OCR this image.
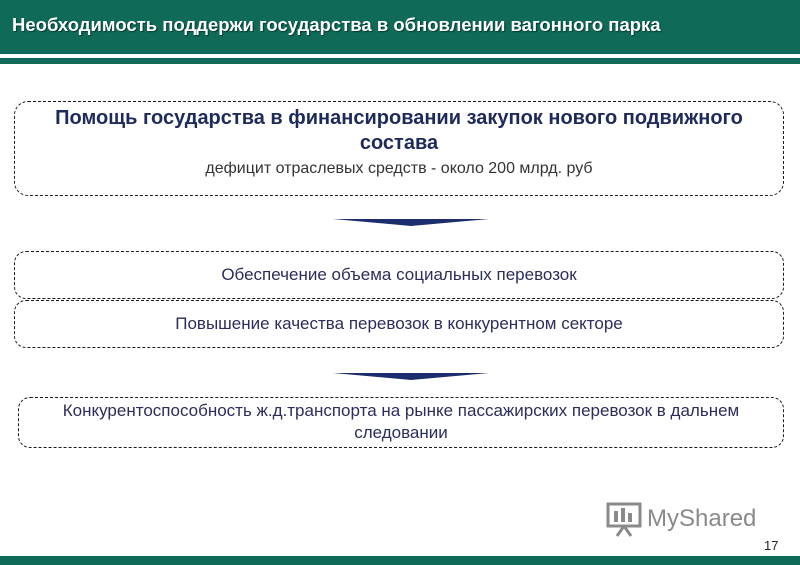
Необходимость поддержи государства в обновлении вагонного парка
Помощь государства в финансировании закупок нового подвижного состава
дефицит отраслевых средств - около 200 млрд. руб
Обеспечение объема социальных перевозок
Повышение качества перевозок в конкурентном секторе
Конкурентоспособность ж.д.транспорта на рынке пассажирских перевозок в дальнем следовании
MyShared
17
